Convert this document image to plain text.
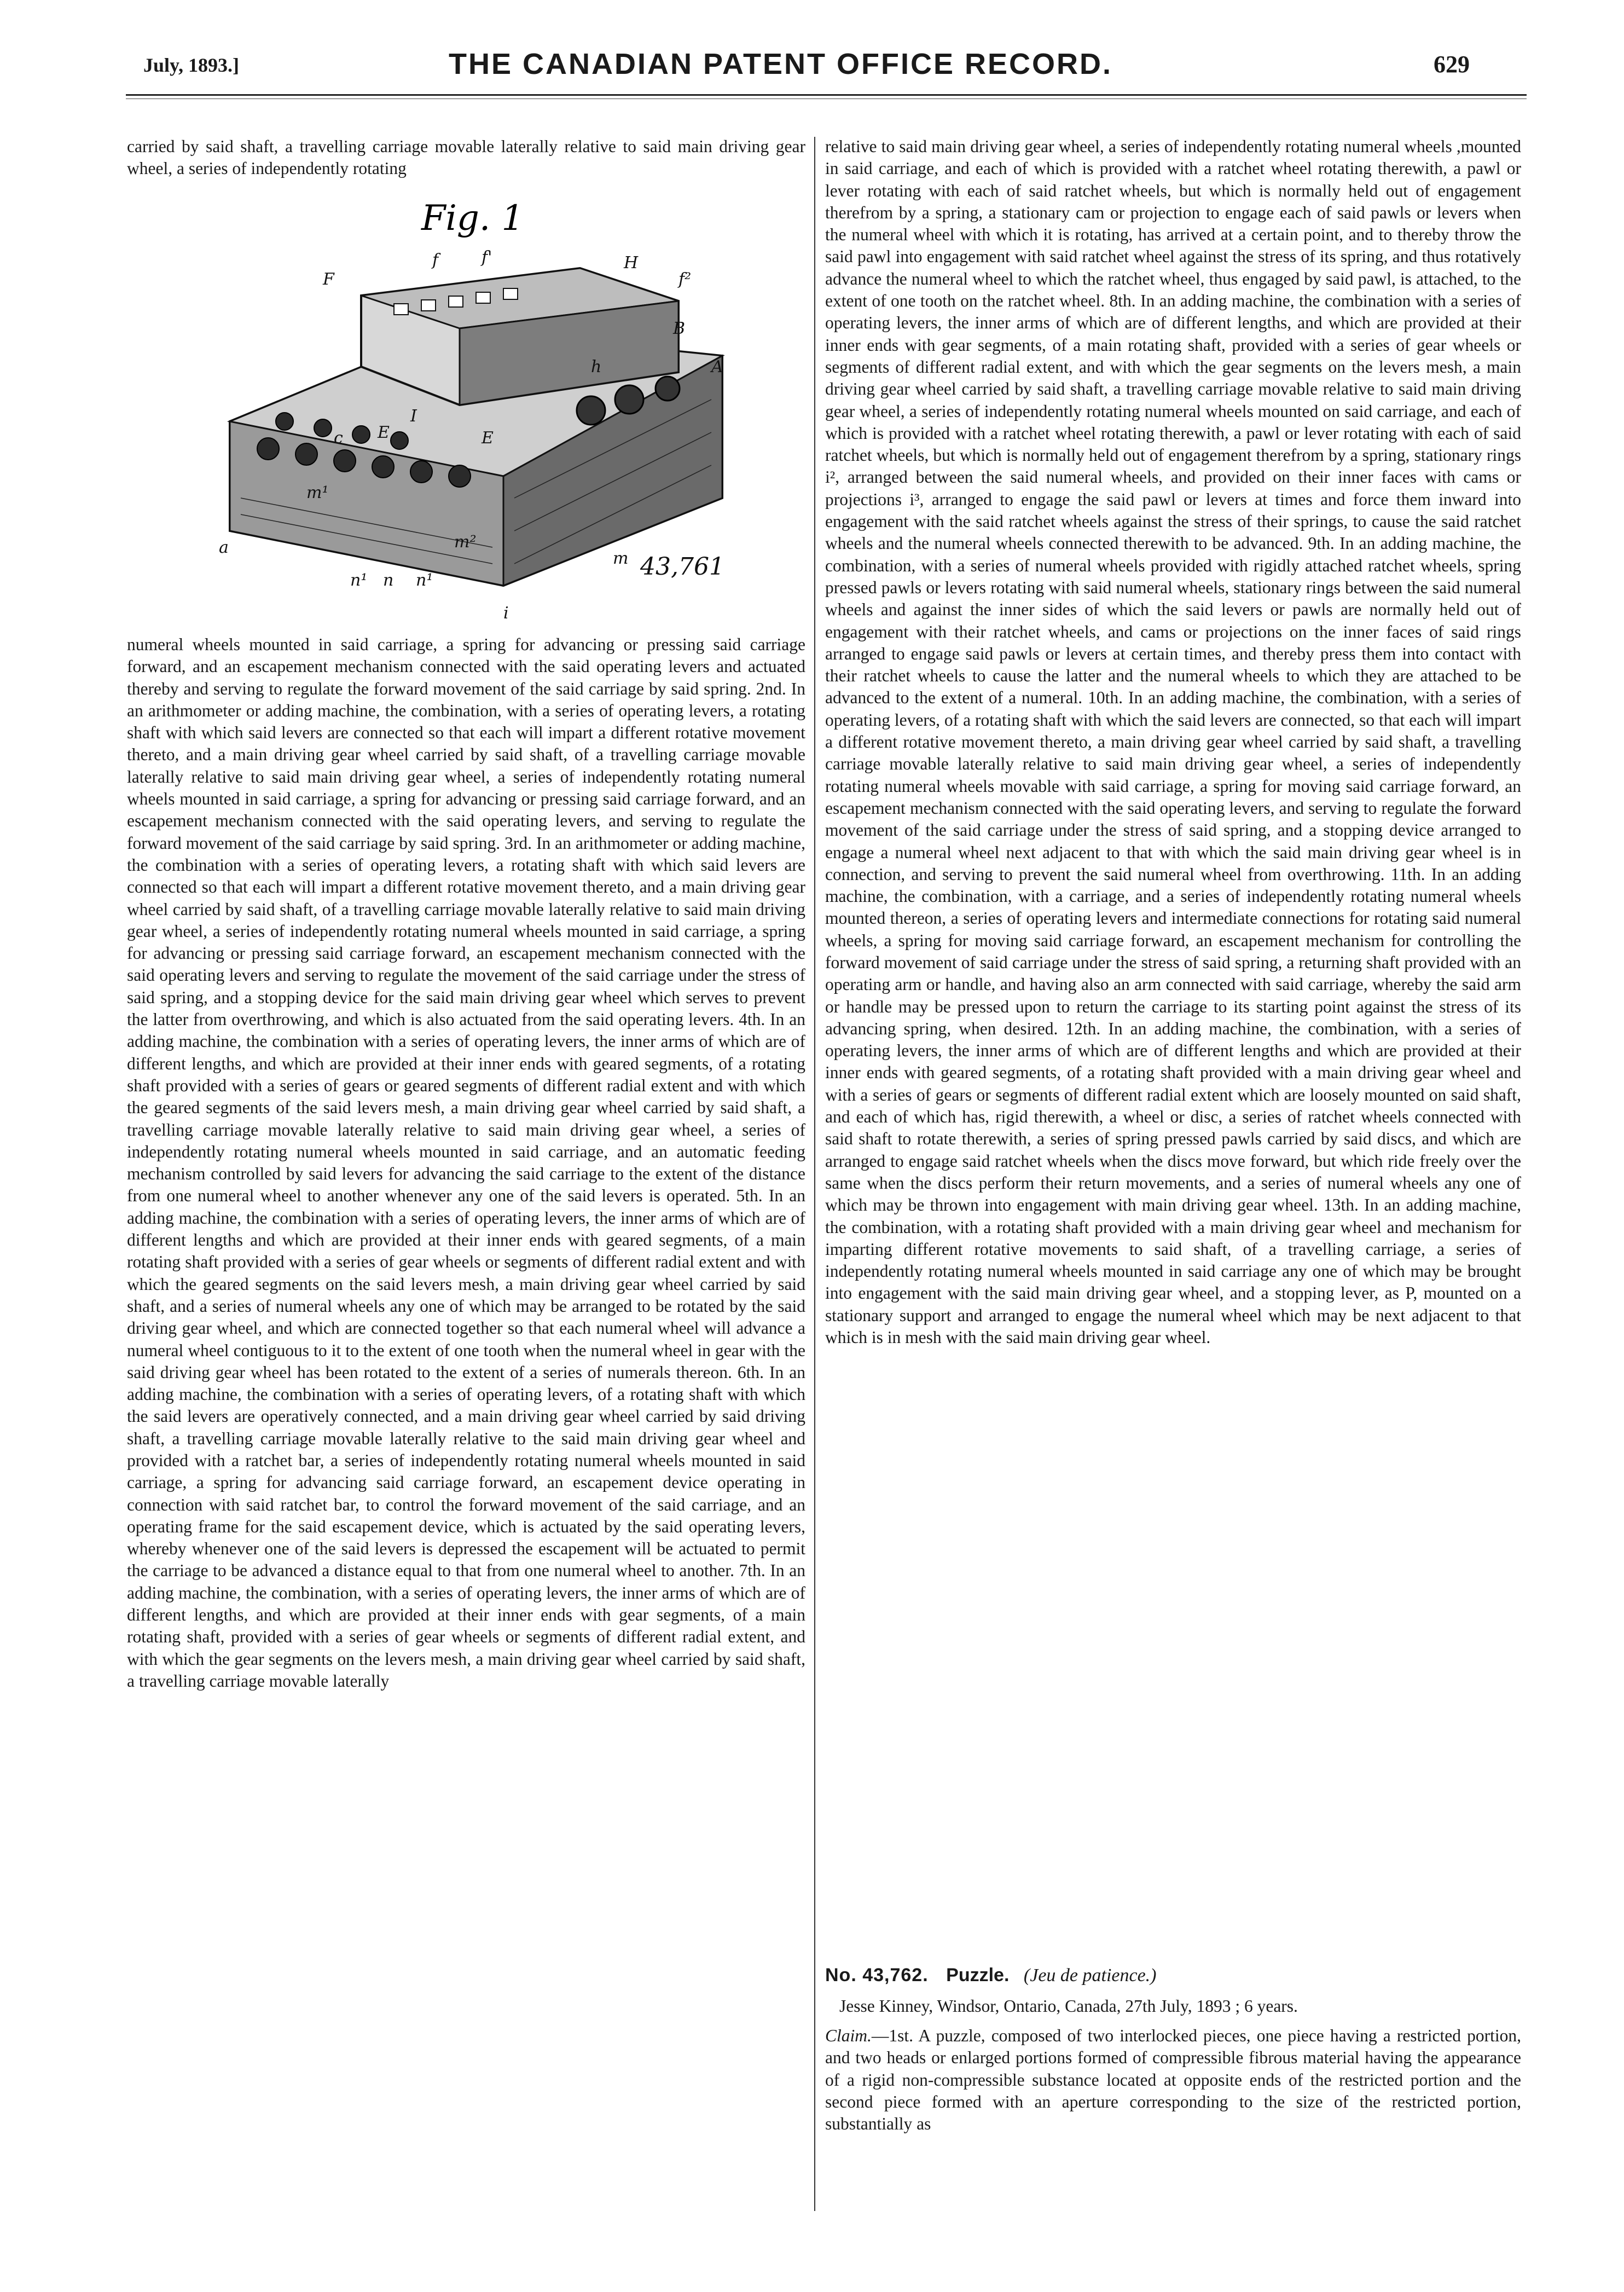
July, 1893.]	THE CANADIAN PATENT OFFICE RECORD.	629
carried by said shaft, a travelling carriage movable laterally relative to said main driving gear wheel, a series of independently rotating
Fig. 1
F
f	f'	H
f²
B
A
E
I
m¹
m²
m
h
n¹ n n¹
E
c
a
i
43,761
numeral wheels mounted in said carriage, a spring for advancing or pressing said carriage forward, and an escapement mechanism connected with the said operating levers and actuated thereby and serving to regulate the forward movement of the said carriage by said spring. 2nd. In an arithmometer or adding machine, the combination, with a series of operating levers, a rotating shaft with which said levers are connected so that each will impart a different rotative movement thereto, and a main driving gear wheel carried by said shaft, of a travelling carriage movable laterally relative to said main driving gear wheel, a series of independently rotating numeral wheels mounted in said carriage, a spring for advancing or pressing said carriage forward, and an escapement mechanism connected with the said operating levers, and serving to regulate the forward movement of the said carriage by said spring. 3rd. In an arithmometer or adding machine, the combination with a series of operating levers, a rotating shaft with which said levers are connected so that each will impart a different rotative movement thereto, and a main driving gear wheel carried by said shaft, of a travelling carriage movable laterally relative to said main driving gear wheel, a series of independently rotating numeral wheels mounted in said carriage, a spring for advancing or pressing said carriage forward, an escapement mechanism connected with the said operating levers and serving to regulate the movement of the said carriage under the stress of said spring, and a stopping device for the said main driving gear wheel which serves to prevent the latter from overthrowing, and which is also actuated from the said operating levers. 4th. In an adding machine, the combination with a series of operating levers, the inner arms of which are of different lengths, and which are provided at their inner ends with geared segments, of a rotating shaft provided with a series of gears or geared segments of different radial extent and with which the geared segments of the said levers mesh, a main driving gear wheel carried by said shaft, a travelling carriage movable laterally relative to said main driving gear wheel, a series of independently rotating numeral wheels mounted in said carriage, and an automatic feeding mechanism controlled by said levers for advancing the said carriage to the extent of the distance from one numeral wheel to another whenever any one of the said levers is operated. 5th. In an adding machine, the combination with a series of operating levers, the inner arms of which are of different lengths and which are provided at their inner ends with geared segments, of a main rotating shaft provided with a series of gear wheels or segments of different radial extent and with which the geared segments on the said levers mesh, a main driving gear wheel carried by said shaft, and a series of numeral wheels any one of which may be arranged to be rotated by the said driving gear wheel, and which are connected together so that each numeral wheel will advance a numeral wheel contiguous to it to the extent of one tooth when the numeral wheel in gear with the said driving gear wheel has been rotated to the extent of a series of numerals thereon. 6th. In an adding machine, the combination with a series of operating levers, of a rotating shaft with which the said levers are operatively connected, and a main driving gear wheel carried by said driving shaft, a travelling carriage movable laterally relative to the said main driving gear wheel and provided with a ratchet bar, a series of independently rotating numeral wheels mounted in said carriage, a spring for advancing said carriage forward, an escapement device operating in connection with said ratchet bar, to control the forward movement of the said carriage, and an operating frame for the said escapement device, which is actuated by the said operating levers, whereby whenever one of the said levers is depressed the escapement will be actuated to permit the carriage to be advanced a distance equal to that from one numeral wheel to another. 7th. In an adding machine, the combination, with a series of operating levers, the inner arms of which are of different lengths, and which are provided at their inner ends with gear segments, of a main rotating shaft, provided with a series of gear wheels or segments of different radial extent, and with which the gear segments on the levers mesh, a main driving gear wheel carried by said shaft, a travelling carriage movable laterally
relative to said main driving gear wheel, a series of independently rotating numeral wheels ,mounted in said carriage, and each of which is provided with a ratchet wheel rotating therewith, a pawl or lever rotating with each of said ratchet wheels, but which is normally held out of engagement therefrom by a spring, a stationary cam or projection to engage each of said pawls or levers when the numeral wheel with which it is rotating, has arrived at a certain point, and to thereby throw the said pawl into engagement with said ratchet wheel against the stress of its spring, and thus rotatively advance the numeral wheel to which the ratchet wheel, thus engaged by said pawl, is attached, to the extent of one tooth on the ratchet wheel. 8th. In an adding machine, the combination with a series of operating levers, the inner arms of which are of different lengths, and which are provided at their inner ends with gear segments, of a main rotating shaft, provided with a series of gear wheels or segments of different radial extent, and with which the gear segments on the levers mesh, a main driving gear wheel carried by said shaft, a travelling carriage movable relative to said main driving gear wheel, a series of independently rotating numeral wheels mounted on said carriage, and each of which is provided with a ratchet wheel rotating therewith, a pawl or lever rotating with each of said ratchet wheels, but which is normally held out of engagement therefrom by a spring, stationary rings i², arranged between the said numeral wheels, and provided on their inner faces with cams or projections i³, arranged to engage the said pawl or levers at times and force them inward into engagement with the said ratchet wheels against the stress of their springs, to cause the said ratchet wheels and the numeral wheels connected therewith to be advanced. 9th. In an adding machine, the combination, with a series of numeral wheels provided with rigidly attached ratchet wheels, spring pressed pawls or levers rotating with said numeral wheels, stationary rings between the said numeral wheels and against the inner sides of which the said levers or pawls are normally held out of engagement with their ratchet wheels, and cams or projections on the inner faces of said rings arranged to engage said pawls or levers at certain times, and thereby press them into contact with their ratchet wheels to cause the latter and the numeral wheels to which they are attached to be advanced to the extent of a numeral. 10th. In an adding machine, the combination, with a series of operating levers, of a rotating shaft with which the said levers are connected, so that each will impart a different rotative movement thereto, a main driving gear wheel carried by said shaft, a travelling carriage movable laterally relative to said main driving gear wheel, a series of independently rotating numeral wheels movable with said carriage, a spring for moving said carriage forward, an escapement mechanism connected with the said operating levers, and serving to regulate the forward movement of the said carriage under the stress of said spring, and a stopping device arranged to engage a numeral wheel next adjacent to that with which the said main driving gear wheel is in connection, and serving to prevent the said numeral wheel from overthrowing. 11th. In an adding machine, the combination, with a carriage, and a series of independently rotating numeral wheels mounted thereon, a series of operating levers and intermediate connections for rotating said numeral wheels, a spring for moving said carriage forward, an escapement mechanism for controlling the forward movement of said carriage under the stress of said spring, a returning shaft provided with an operating arm or handle, and having also an arm connected with said carriage, whereby the said arm or handle may be pressed upon to return the carriage to its starting point against the stress of its advancing spring, when desired. 12th. In an adding machine, the combination, with a series of operating levers, the inner arms of which are of different lengths and which are provided at their inner ends with geared segments, of a rotating shaft provided with a main driving gear wheel and with a series of gears or segments of different radial extent which are loosely mounted on said shaft, and each of which has, rigid therewith, a wheel or disc, a series of ratchet wheels connected with said shaft to rotate therewith, a series of spring pressed pawls carried by said discs, and which are arranged to engage said ratchet wheels when the discs move forward, but which ride freely over the same when the discs perform their return movements, and a series of numeral wheels any one of which may be thrown into engagement with main driving gear wheel. 13th. In an adding machine, the combination, with a rotating shaft provided with a main driving gear wheel and mechanism for imparting different rotative movements to said shaft, of a travelling carriage, a series of independently rotating numeral wheels mounted in said carriage any one of which may be brought into engagement with the said main driving gear wheel, and a stopping lever, as P, mounted on a stationary support and arranged to engage the numeral wheel which may be next adjacent to that which is in mesh with the said main driving gear wheel.
No. 43,762. Puzzle. (Jeu de patience.)
Jesse Kinney, Windsor, Ontario, Canada, 27th July, 1893 ; 6 years.
Claim.—1st. A puzzle, composed of two interlocked pieces, one piece having a restricted portion, and two heads or enlarged portions formed of compressible fibrous material having the appearance of a rigid non-compressible substance located at opposite ends of the restricted portion and the second piece formed with an aperture corresponding to the size of the restricted portion, substantially as
